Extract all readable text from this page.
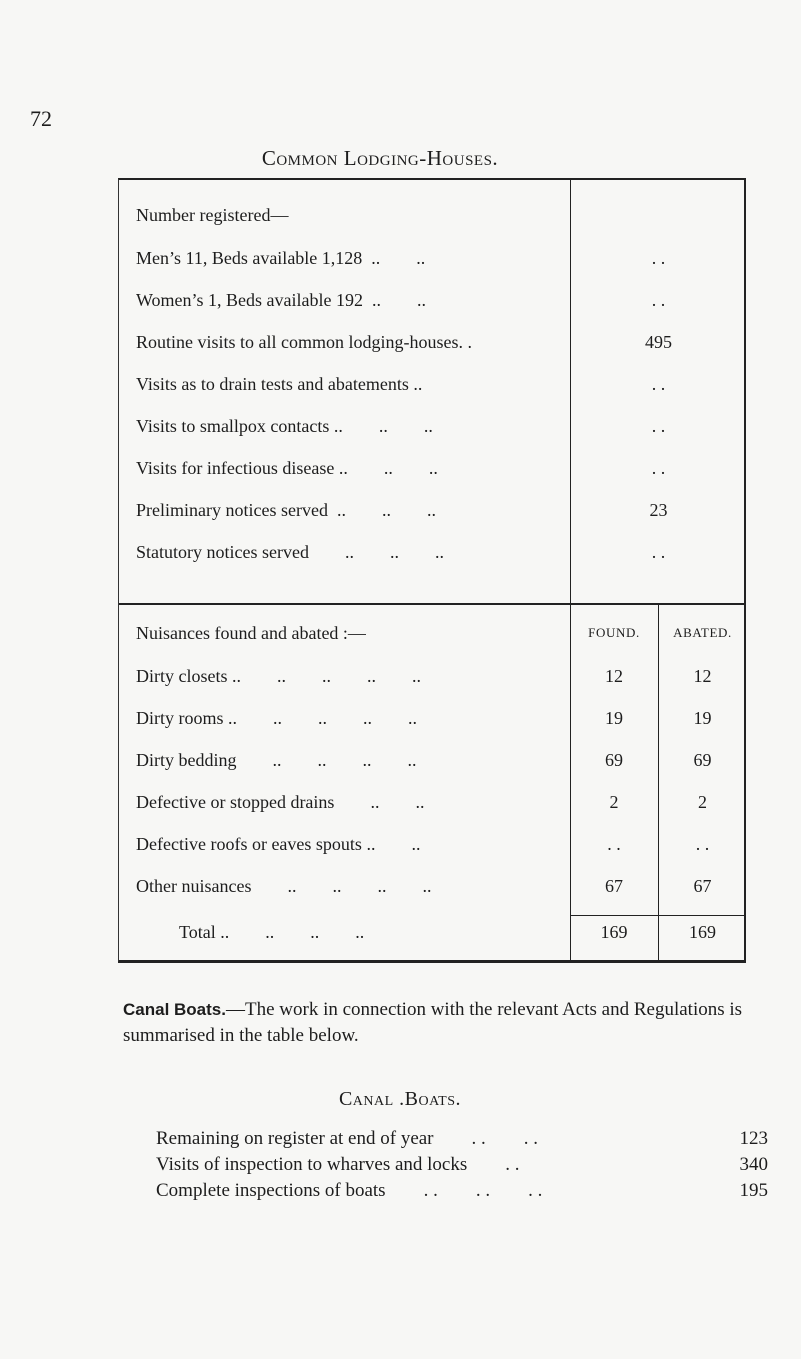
72
Common Lodging-Houses.
Number registered—
Men’s 11, Beds available 1,128  ..        ..	. .
Women’s 1, Beds available 192  ..        ..	. .
Routine visits to all common lodging-houses. .	495
Visits as to drain tests and abatements ..	. .
Visits to smallpox contacts ..        ..        ..	. .
Visits for infectious disease ..        ..        ..	. .
Preliminary notices served  ..        ..        ..	23
Statutory notices served        ..        ..        ..	. .
Nuisances found and abated :—	FOUND.	ABATED.
Dirty closets ..        ..        ..        ..        ..	12	12
Dirty rooms ..        ..        ..        ..        ..	19	19
Dirty bedding        ..        ..        ..        ..	69	69
Defective or stopped drains        ..        ..	2	2
Defective roofs or eaves spouts ..        ..	. .	. .
Other nuisances        ..        ..        ..        ..	67	67
Total ..        ..        ..        ..	169	169
Canal Boats.—The work in connection with the relevant Acts and Regulations is summarised in the table below.
Canal .Boats.
Remaining on register at end of year        . .        . .	123
Visits of inspection to wharves and locks        . .	340
Complete inspections of boats        . .        . .        . .	195
